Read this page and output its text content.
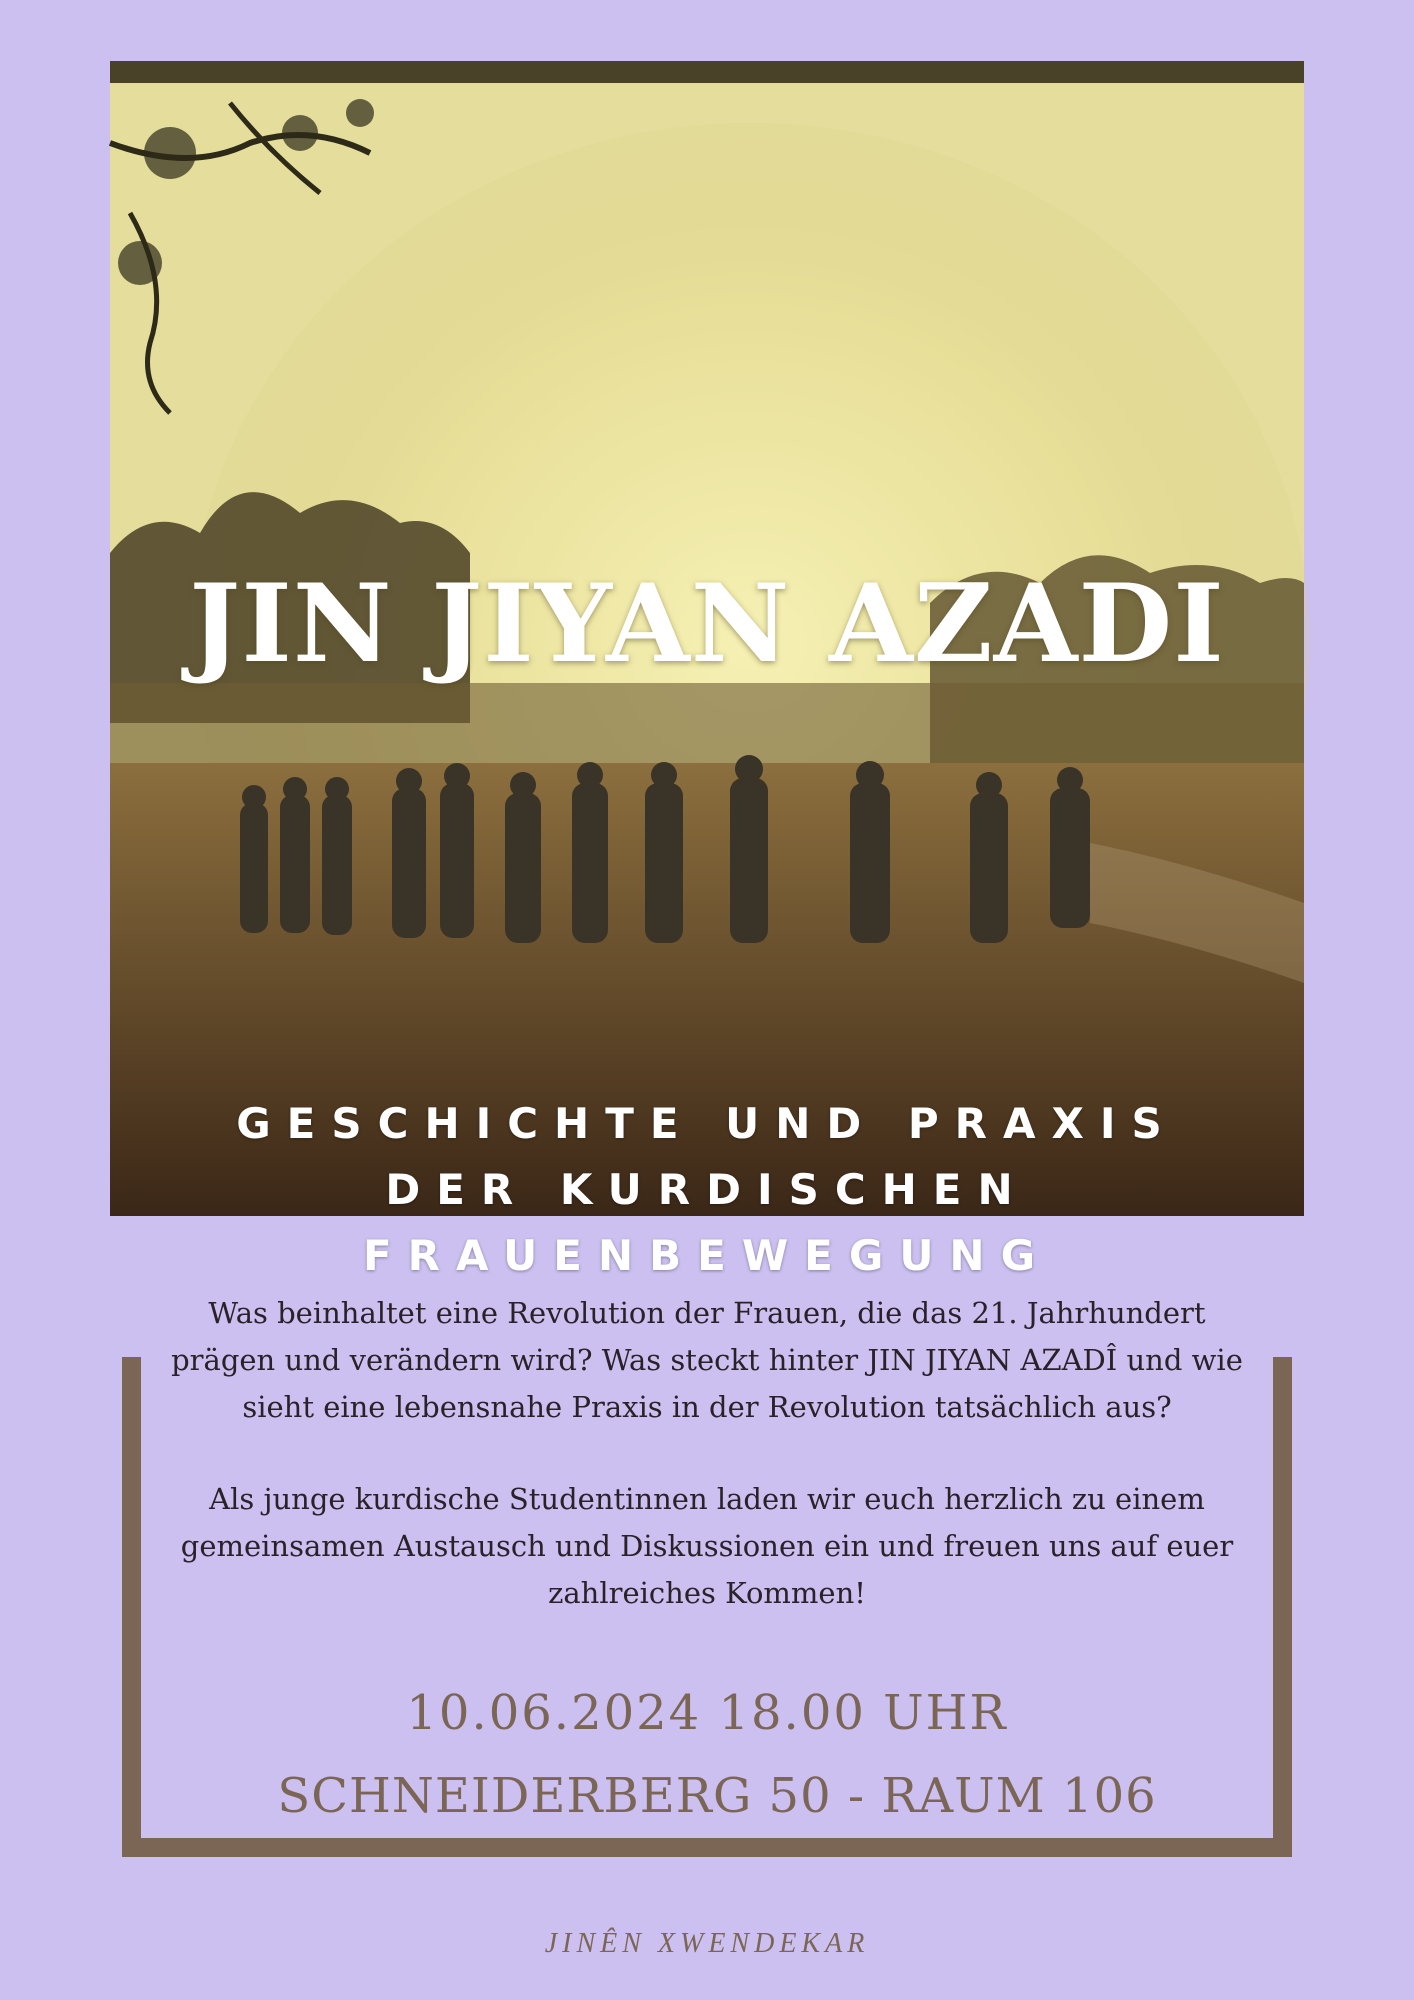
JIN JIYAN AZADI
GESCHICHTE UND PRAXIS
DER KURDISCHEN
FRAUENBEWEGUNG

Was beinhaltet eine Revolution der Frauen, die das 21. Jahrhundert prägen und verändern wird? Was steckt hinter JIN JIYAN AZADÎ und wie sieht eine lebensnahe Praxis in der Revolution tatsächlich aus?

Als junge kurdische Studentinnen laden wir euch herzlich zu einem gemeinsamen Austausch und Diskussionen ein und freuen uns auf euer zahlreiches Kommen!

10.06.2024 18.00 UHR

SCHNEIDERBERG 50 - RAUM 106

JINÊN XWENDEKAR
